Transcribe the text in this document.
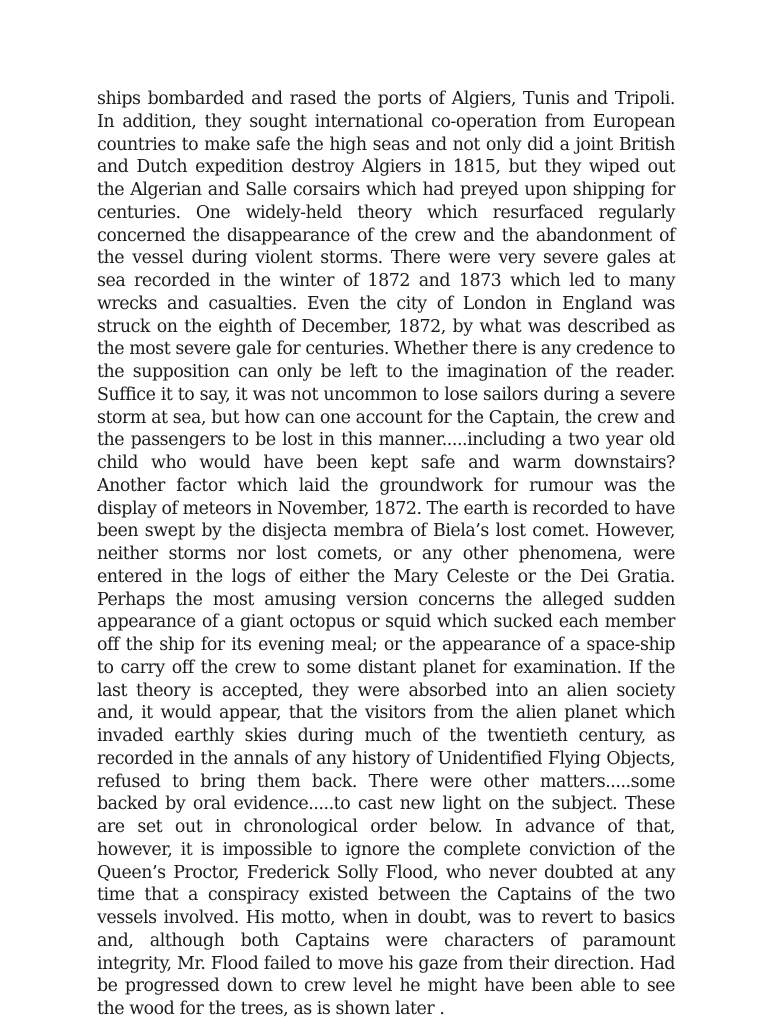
ships bombarded and rased the ports of Algiers, Tunis and Tripoli. In addition, they sought international co-operation from European countries to make safe the high seas and not only did a joint British and Dutch expedition destroy Algiers in 1815, but they wiped out the Algerian and Salle corsairs which had preyed upon shipping for centuries. One widely-held theory which resurfaced regularly concerned the disappearance of the crew and the abandonment of the vessel during violent storms. There were very severe gales at sea recorded in the winter of 1872 and 1873 which led to many wrecks and casualties. Even the city of London in England was struck on the eighth of December, 1872, by what was described as the most severe gale for centuries. Whether there is any credence to the supposition can only be left to the imagination of the reader. Suffice it to say, it was not uncommon to lose sailors during a severe storm at sea, but how can one account for the Captain, the crew and the passengers to be lost in this manner.....including a two year old child who would have been kept safe and warm downstairs? Another factor which laid the groundwork for rumour was the display of meteors in November, 1872. The earth is recorded to have been swept by the disjecta membra of Biela’s lost comet. However, neither storms nor lost comets, or any other phenomena, were entered in the logs of either the Mary Celeste or the Dei Gratia. Perhaps the most amusing version concerns the alleged sudden appearance of a giant octopus or squid which sucked each member off the ship for its evening meal; or the appearance of a space-ship to carry off the crew to some distant planet for examination. If the last theory is accepted, they were absorbed into an alien society and, it would appear, that the visitors from the alien planet which invaded earthly skies during much of the twentieth century, as recorded in the annals of any history of Unidentified Flying Objects, refused to bring them back. There were other matters.....some backed by oral evidence.....to cast new light on the subject. These are set out in chronological order below. In advance of that, however, it is impossible to ignore the complete conviction of the Queen’s Proctor, Frederick Solly Flood, who never doubted at any time that a conspiracy existed between the Captains of the two vessels involved. His motto, when in doubt, was to revert to basics and, although both Captains were characters of paramount integrity, Mr. Flood failed to move his gaze from their direction. Had be progressed down to crew level he might have been able to see the wood for the trees, as is shown later .
